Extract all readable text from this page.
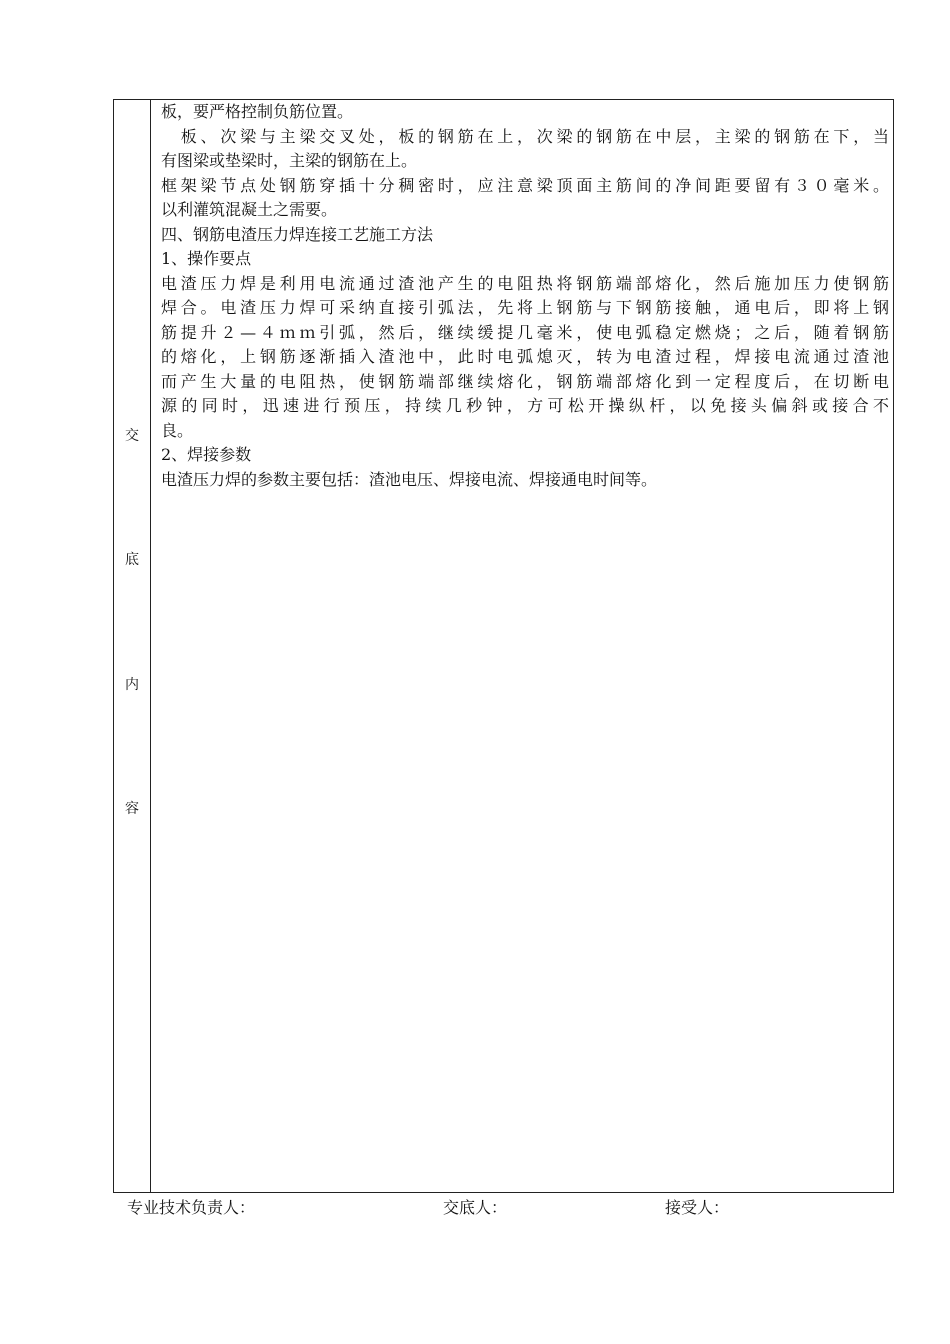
交
底
内
容

板，要严格控制负筋位置。

　板、次梁与主梁交叉处，板的钢筋在上，次梁的钢筋在中层，主梁的钢筋在下，当

有图梁或垫梁时，主梁的钢筋在上。

框架梁节点处钢筋穿插十分稠密时，应注意梁顶面主筋间的净间距要留有３０毫米。

以利灌筑混凝土之需要。

四、钢筋电渣压力焊连接工艺施工方法

1、操作要点

电渣压力焊是利用电流通过渣池产生的电阻热将钢筋端部熔化，然后施加压力使钢筋

焊合。电渣压力焊可采纳直接引弧法，先将上钢筋与下钢筋接触，通电后，即将上钢

筋提升２—４ｍｍ引弧，然后，继续缓提几毫米，使电弧稳定燃烧；之后，随着钢筋

的熔化，上钢筋逐渐插入渣池中，此时电弧熄灭，转为电渣过程，焊接电流通过渣池

而产生大量的电阻热，使钢筋端部继续熔化，钢筋端部熔化到一定程度后，在切断电

源的同时，迅速进行预压，持续几秒钟，方可松开操纵杆，以免接头偏斜或接合不

良。

2、焊接参数

电渣压力焊的参数主要包括：渣池电压、焊接电流、焊接通电时间等。

专业技术负责人：	交底人：	接受人：
